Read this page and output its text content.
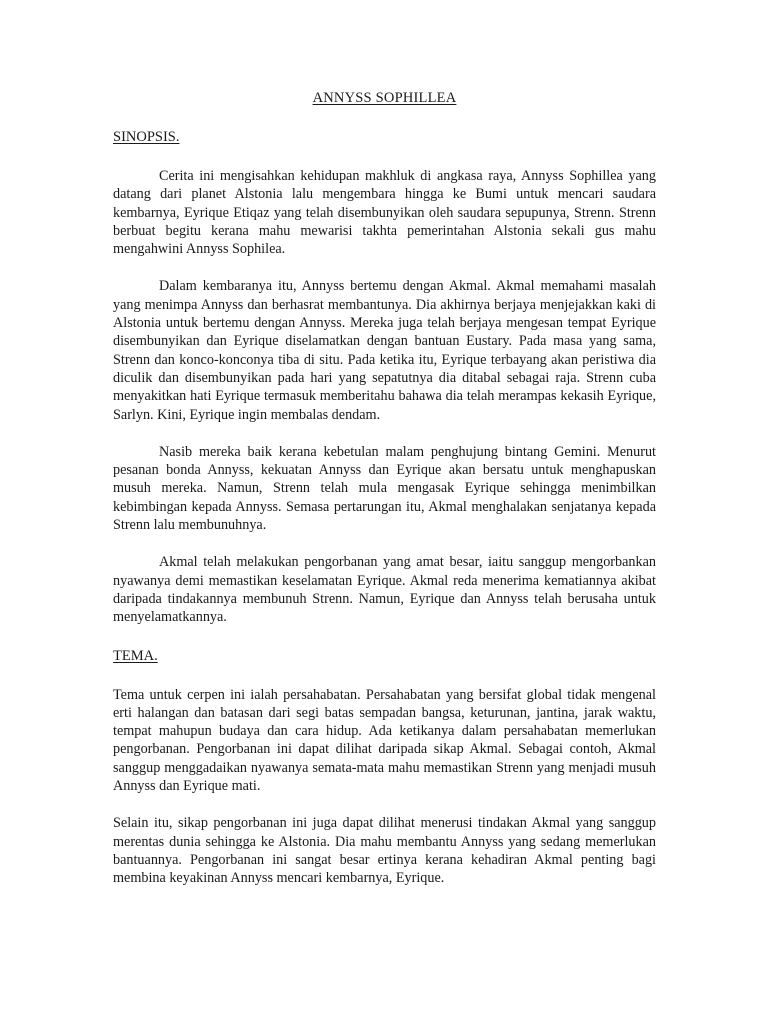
ANNYSS SOPHILLEA
SINOPSIS.

Cerita ini mengisahkan kehidupan makhluk di angkasa raya, Annyss Sophillea yang datang dari planet Alstonia lalu mengembara hingga ke Bumi untuk mencari saudara kembarnya, Eyrique Etiqaz yang telah disembunyikan oleh saudara sepupunya, Strenn. Strenn berbuat begitu kerana mahu mewarisi takhta pemerintahan Alstonia sekali gus mahu mengahwini Annyss Sophilea.

Dalam kembaranya itu, Annyss bertemu dengan Akmal. Akmal memahami masalah yang menimpa Annyss dan berhasrat membantunya. Dia akhirnya berjaya menjejakkan kaki di Alstonia untuk bertemu dengan Annyss. Mereka juga telah berjaya mengesan tempat Eyrique disembunyikan dan Eyrique diselamatkan dengan bantuan Eustary. Pada masa yang sama, Strenn dan konco-konconya tiba di situ. Pada ketika itu, Eyrique terbayang akan peristiwa dia diculik dan disembunyikan pada hari yang sepatutnya dia ditabal sebagai raja. Strenn cuba menyakitkan hati Eyrique termasuk memberitahu bahawa dia telah merampas kekasih Eyrique, Sarlyn. Kini, Eyrique ingin membalas dendam.

Nasib mereka baik kerana kebetulan malam penghujung bintang Gemini. Menurut pesanan bonda Annyss, kekuatan Annyss dan Eyrique akan bersatu untuk menghapuskan musuh mereka. Namun, Strenn telah mula mengasak Eyrique sehingga menimbilkan kebimbingan kepada Annyss. Semasa pertarungan itu, Akmal menghalakan senjatanya kepada Strenn lalu membunuhnya.

Akmal telah melakukan pengorbanan yang amat besar, iaitu sanggup mengorbankan nyawanya demi memastikan keselamatan Eyrique. Akmal reda menerima kematiannya akibat daripada tindakannya membunuh Strenn. Namun, Eyrique dan Annyss telah berusaha untuk menyelamatkannya.

TEMA.

Tema untuk cerpen ini ialah persahabatan. Persahabatan yang bersifat global tidak mengenal erti halangan dan batasan dari segi batas sempadan bangsa, keturunan, jantina, jarak waktu, tempat mahupun budaya dan cara hidup. Ada ketikanya dalam persahabatan memerlukan pengorbanan. Pengorbanan ini dapat dilihat daripada sikap Akmal. Sebagai contoh, Akmal sanggup menggadaikan nyawanya semata-mata mahu memastikan Strenn yang menjadi musuh Annyss dan Eyrique mati.

Selain itu, sikap pengorbanan ini juga dapat dilihat menerusi tindakan Akmal yang sanggup merentas dunia sehingga ke Alstonia. Dia mahu membantu Annyss yang sedang memerlukan bantuannya. Pengorbanan ini sangat besar ertinya kerana kehadiran Akmal penting bagi membina keyakinan Annyss mencari kembarnya, Eyrique.
